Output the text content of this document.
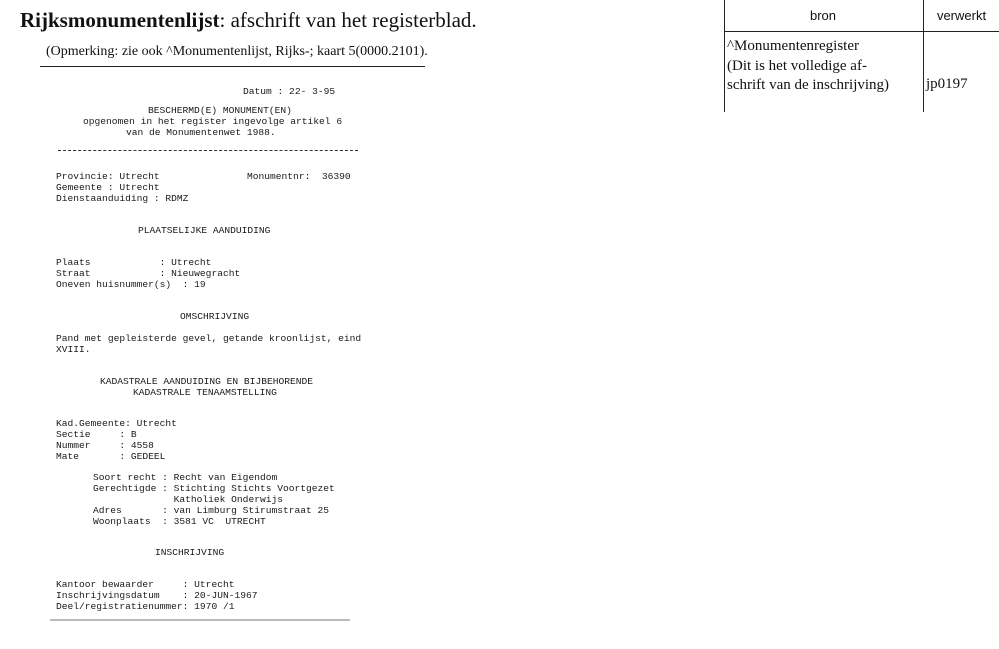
Rijksmonumentenlijst: afschrift van het registerblad.
(Opmerking: zie ook ^Monumentenlijst, Rijks-; kaart 5(0000.2101).
Datum : 22- 3-95
BESCHERMD(E) MONUMENT(EN)
opgenomen in het register ingevolge artikel 6
van de Monumentenwet 1988.
Provincie: Utrecht	Monumentnr:  36390
Gemeente : Utrecht
Dienstaanduiding : RDMZ
PLAATSELIJKE AANDUIDING
Plaats            : Utrecht
Straat            : Nieuwegracht
Oneven huisnummer(s)  : 19
OMSCHRIJVING
Pand met gepleisterde gevel, getande kroonlijst, eind
XVIII.
KADASTRALE AANDUIDING EN BIJBEHORENDE
KADASTRALE TENAAMSTELLING
Kad.Gemeente: Utrecht
Sectie     : B
Nummer     : 4558
Mate       : GEDEEL
Soort recht : Recht van Eigendom
Gerechtigde : Stichting Stichts Voortgezet
Katholiek Onderwijs
Adres       : van Limburg Stirumstraat 25
Woonplaats  : 3581 VC  UTRECHT
INSCHRIJVING
Kantoor bewaarder     : Utrecht
Inschrijvingsdatum    : 20-JUN-1967
Deel/registratienummer: 1970 /1
bron	verwerkt
^Monumentenregister
(Dit is het volledige af-
schrift van de inschrijving) jp0197
